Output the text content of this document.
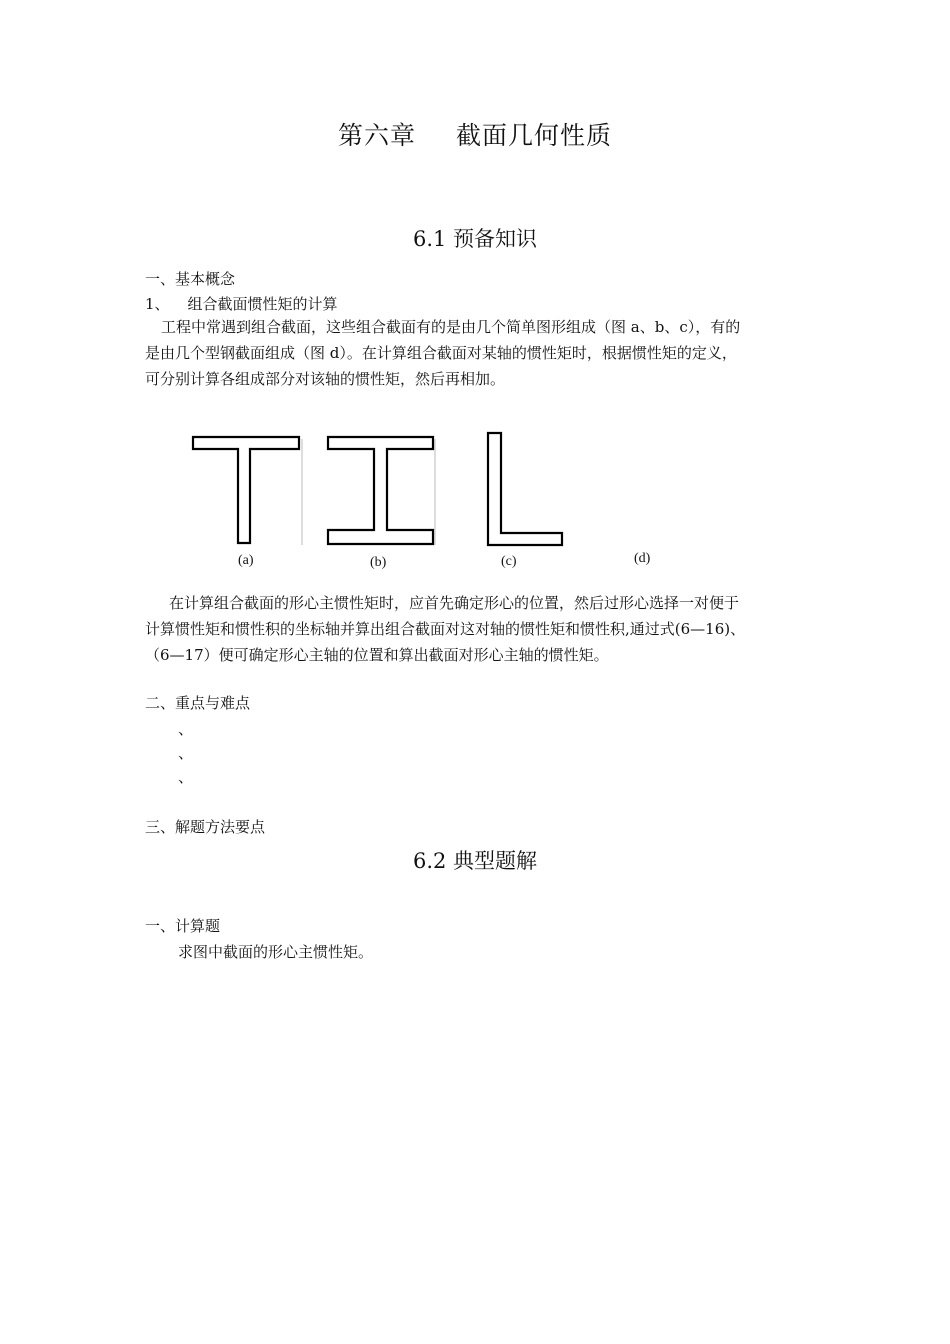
第六章 截面几何性质
6.1 预备知识
一、基本概念
1、 组合截面惯性矩的计算
工程中常遇到组合截面，这些组合截面有的是由几个简单图形组成（图 a、b、c），有的
是由几个型钢截面组成（图 d）。在计算组合截面对某轴的惯性矩时，根据惯性矩的定义，
可分别计算各组成部分对该轴的惯性矩，然后再相加。
(a)	(b)	(c)	(d)
在计算组合截面的形心主惯性矩时，应首先确定形心的位置，然后过形心选择一对便于
计算惯性矩和惯性积的坐标轴并算出组合截面对这对轴的惯性矩和惯性积,通过式(6—16)、
（6—17）便可确定形心主轴的位置和算出截面对形心主轴的惯性矩。
二、重点与难点
、
、
、
三、解题方法要点
6.2 典型题解
一、计算题
求图中截面的形心主惯性矩。
